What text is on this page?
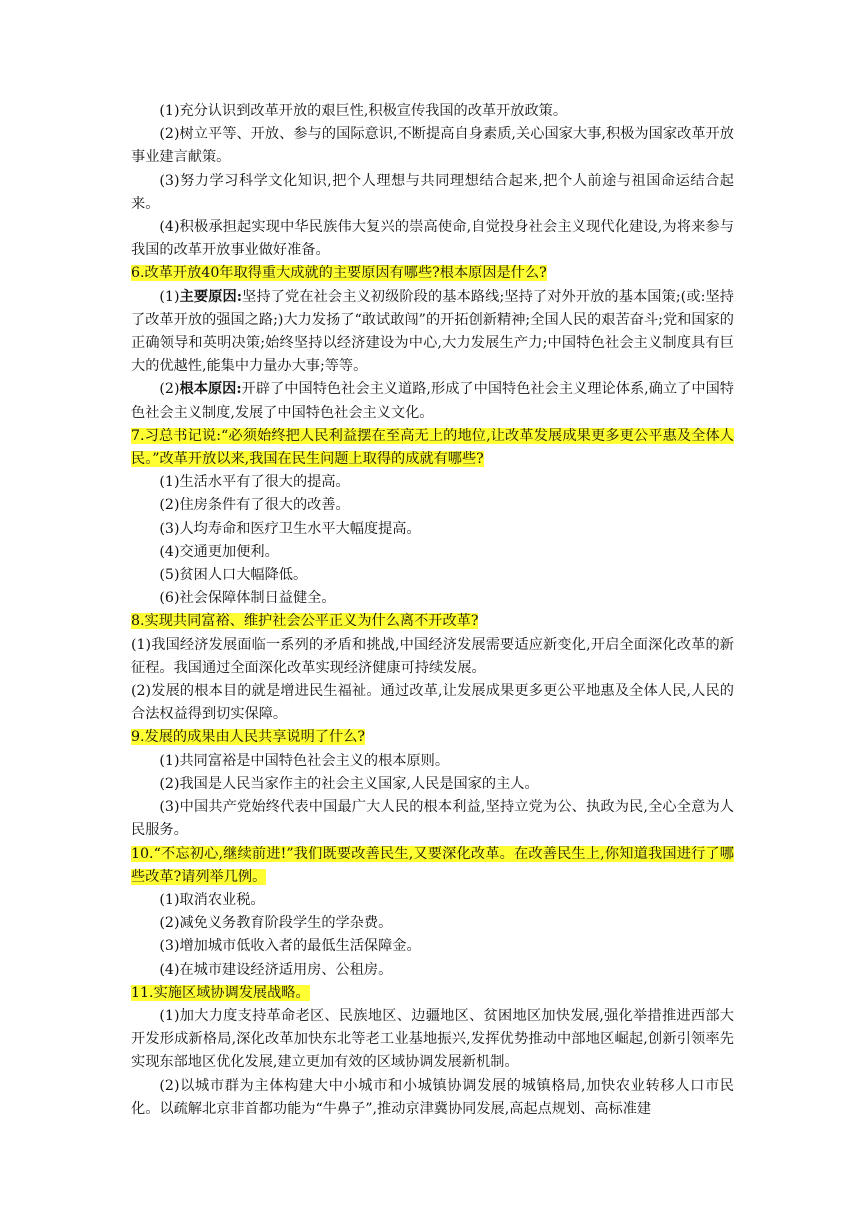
(1)充分认识到改革开放的艰巨性,积极宣传我国的改革开放政策。

(2)树立平等、开放、参与的国际意识,不断提高自身素质,关心国家大事,积极为国家改革开放事业建言献策。

(3)努力学习科学文化知识,把个人理想与共同理想结合起来,把个人前途与祖国命运结合起来。

(4)积极承担起实现中华民族伟大复兴的崇高使命,自觉投身社会主义现代化建设,为将来参与我国的改革开放事业做好准备。

6.改革开放40年取得重大成就的主要原因有哪些?根本原因是什么?

(1)主要原因:坚持了党在社会主义初级阶段的基本路线;坚持了对外开放的基本国策;(或:坚持了改革开放的强国之路;)大力发扬了“敢试敢闯”的开拓创新精神;全国人民的艰苦奋斗;党和国家的正确领导和英明决策;始终坚持以经济建设为中心,大力发展生产力;中国特色社会主义制度具有巨大的优越性,能集中力量办大事;等等。

(2)根本原因:开辟了中国特色社会主义道路,形成了中国特色社会主义理论体系,确立了中国特色社会主义制度,发展了中国特色社会主义文化。

7.习总书记说:“必须始终把人民利益摆在至高无上的地位,让改革发展成果更多更公平惠及全体人民。”改革开放以来,我国在民生问题上取得的成就有哪些?

(1)生活水平有了很大的提高。

(2)住房条件有了很大的改善。

(3)人均寿命和医疗卫生水平大幅度提高。

(4)交通更加便利。

(5)贫困人口大幅降低。

(6)社会保障体制日益健全。

8.实现共同富裕、维护社会公平正义为什么离不开改革?

(1)我国经济发展面临一系列的矛盾和挑战,中国经济发展需要适应新变化,开启全面深化改革的新征程。我国通过全面深化改革实现经济健康可持续发展。

(2)发展的根本目的就是增进民生福祉。通过改革,让发展成果更多更公平地惠及全体人民,人民的合法权益得到切实保障。

9.发展的成果由人民共享说明了什么?

(1)共同富裕是中国特色社会主义的根本原则。

(2)我国是人民当家作主的社会主义国家,人民是国家的主人。

(3)中国共产党始终代表中国最广大人民的根本利益,坚持立党为公、执政为民,全心全意为人民服务。

10.“不忘初心,继续前进!”我们既要改善民生,又要深化改革。在改善民生上,你知道我国进行了哪些改革?请列举几例。

(1)取消农业税。

(2)减免义务教育阶段学生的学杂费。

(3)增加城市低收入者的最低生活保障金。

(4)在城市建设经济适用房、公租房。

11.实施区域协调发展战略。

(1)加大力度支持革命老区、民族地区、边疆地区、贫困地区加快发展,强化举措推进西部大开发形成新格局,深化改革加快东北等老工业基地振兴,发挥优势推动中部地区崛起,创新引领率先实现东部地区优化发展,建立更加有效的区域协调发展新机制。

(2)以城市群为主体构建大中小城市和小城镇协调发展的城镇格局,加快农业转移人口市民化。以疏解北京非首都功能为“牛鼻子”,推动京津冀协同发展,高起点规划、高标准建
